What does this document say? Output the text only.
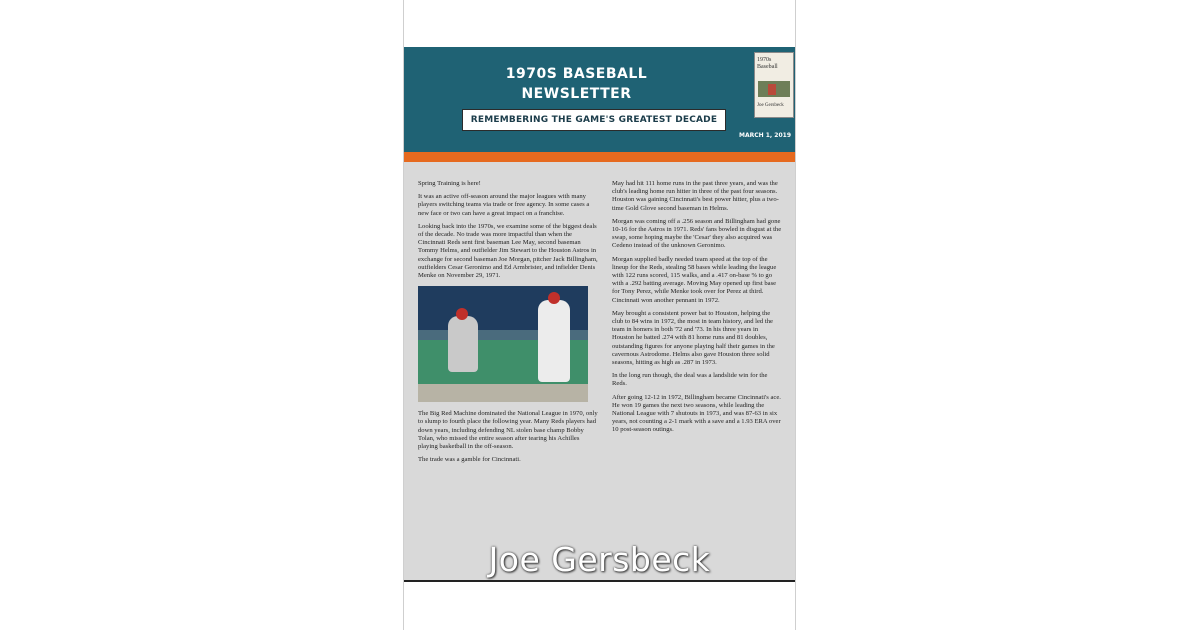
1970S BASEBALL
NEWSLETTER
REMEMBERING THE GAME'S GREATEST DECADE
1970s Baseball
Joe Gersbeck
MARCH 1, 2019

Spring Training is here!

It was an active off-season around the major leagues with many players switching teams via trade or free agency. In some cases a new face or two can have a great impact on a franchise.

Looking back into the 1970s, we examine some of the biggest deals of the decade. No trade was more impactful than when the Cincinnati Reds sent first baseman Lee May, second baseman Tommy Helms, and outfielder Jim Stewart to the Houston Astros in exchange for second baseman Joe Morgan, pitcher Jack Billingham, outfielders Cesar Geronimo and Ed Armbrister, and infielder Denis Menke on November 29, 1971.

The Big Red Machine dominated the National League in 1970, only to slump to fourth place the following year. Many Reds players had down years, including defending NL stolen base champ Bobby Tolan, who missed the entire season after tearing his Achilles playing basketball in the off-season.

The trade was a gamble for Cincinnati.

May had hit 111 home runs in the past three years, and was the club's leading home run hitter in three of the past four seasons. Houston was gaining Cincinnati's best power hitter, plus a two-time Gold Glove second baseman in Helms.

Morgan was coming off a .256 season and Billingham had gone 10-16 for the Astros in 1971. Reds' fans bowled in disgust at the swap, some hoping maybe the 'Cesar' they also acquired was Cedeno instead of the unknown Geronimo.

Morgan supplied badly needed team speed at the top of the lineup for the Reds, stealing 58 bases while leading the league with 122 runs scored, 115 walks, and a .417 on-base % to go with a .292 batting average. Moving May opened up first base for Tony Perez, while Menke took over for Perez at third. Cincinnati won another pennant in 1972.

May brought a consistent power bat to Houston, helping the club to 84 wins in 1972, the most in team history, and led the team in homers in both '72 and '73. In his three years in Houston he batted .274 with 81 home runs and 81 doubles, outstanding figures for anyone playing half their games in the cavernous Astrodome. Helms also gave Houston three solid seasons, hitting as high as .287 in 1973.

In the long run though, the deal was a landslide win for the Reds.

After going 12-12 in 1972, Billingham became Cincinnati's ace. He won 19 games the next two seasons, while leading the National League with 7 shutouts in 1973, and was 87-63 in six years, not counting a 2-1 mark with a save and a 1.93 ERA over 10 post-season outings.

Joe Gersbeck
